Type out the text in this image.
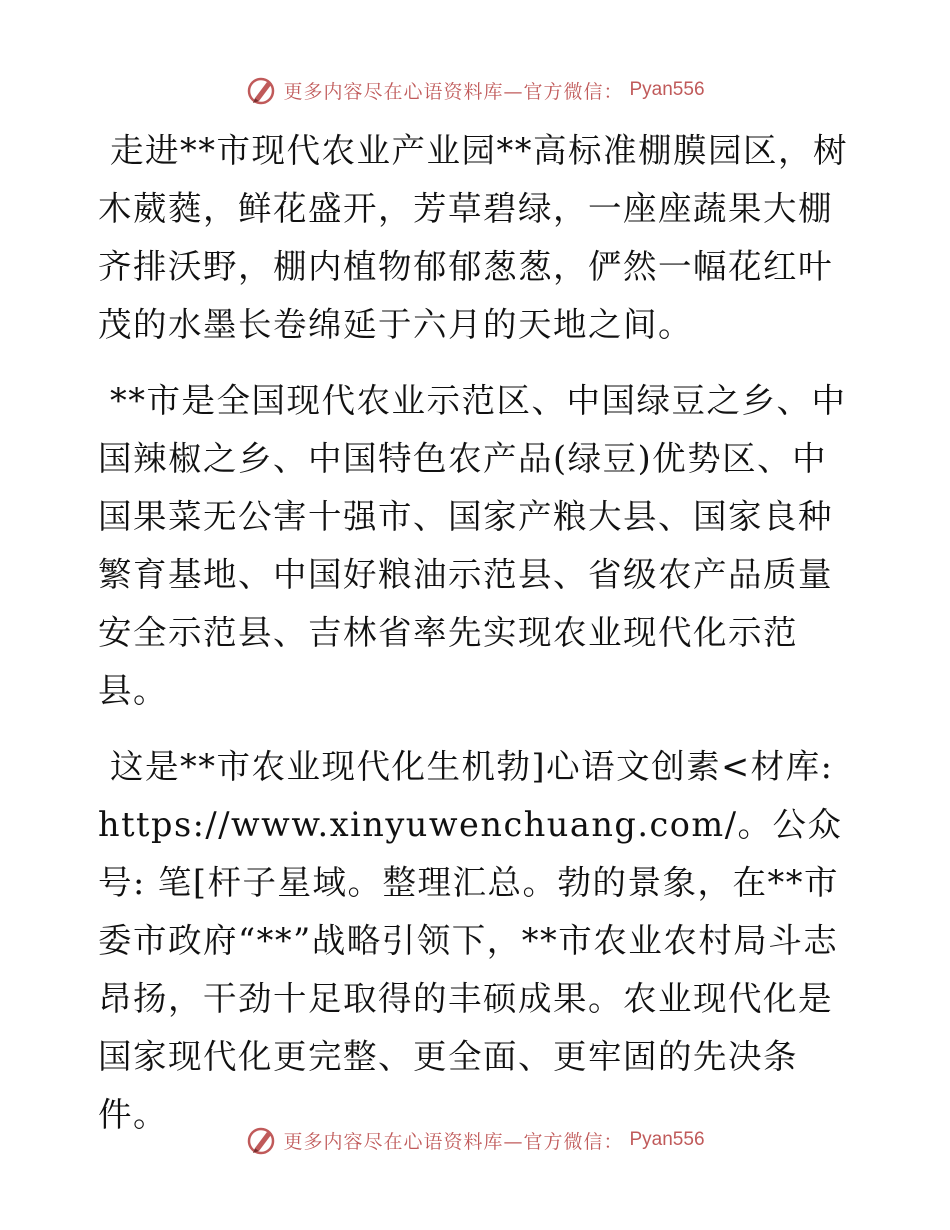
更多内容尽在心语资料库—官方微信： Pyan556

走进**市现代农业产业园**高标准棚膜园区，树木葳蕤，鲜花盛开，芳草碧绿，一座座蔬果大棚齐排沃野，棚内植物郁郁葱葱，俨然一幅花红叶茂的水墨长卷绵延于六月的天地之间。

**市是全国现代农业示范区、中国绿豆之乡、中国辣椒之乡、中国特色农产品(绿豆)优势区、中国果菜无公害十强市、国家产粮大县、国家良种繁育基地、中国好粮油示范县、省级农产品质量安全示范县、吉林省率先实现农业现代化示范县。

这是**市农业现代化生机勃]心语文创素<材库: https://www.xinyuwenchuang.com/。公众号: 笔[杆子星域。整理汇总。勃的景象，在**市委市政府“**”战略引领下，**市农业农村局斗志昂扬，干劲十足取得的丰硕成果。农业现代化是国家现代化更完整、更全面、更牢固的先决条件。

更多内容尽在心语资料库—官方微信： Pyan556
